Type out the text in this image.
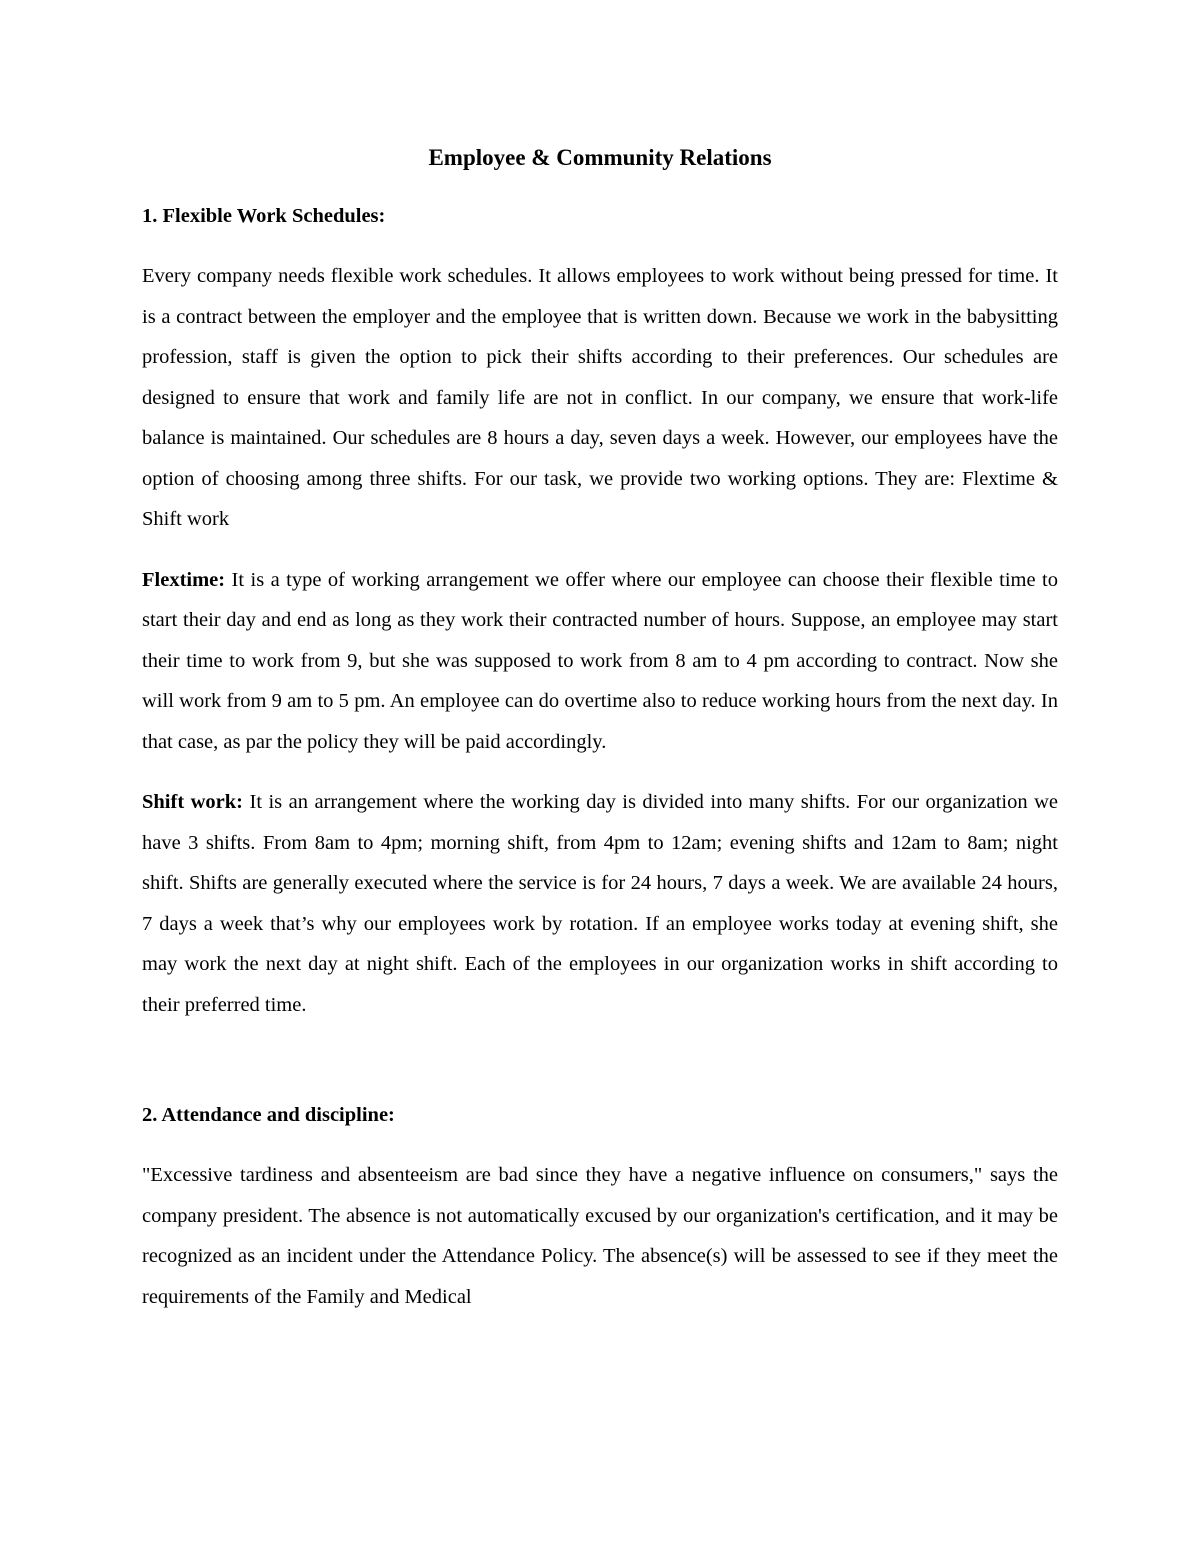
Employee & Community Relations
1. Flexible Work Schedules:

Every company needs flexible work schedules. It allows employees to work without being pressed for time. It is a contract between the employer and the employee that is written down. Because we work in the babysitting profession, staff is given the option to pick their shifts according to their preferences. Our schedules are designed to ensure that work and family life are not in conflict. In our company, we ensure that work-life balance is maintained. Our schedules are 8 hours a day, seven days a week. However, our employees have the option of choosing among three shifts. For our task, we provide two working options. They are: Flextime & Shift work

Flextime: It is a type of working arrangement we offer where our employee can choose their flexible time to start their day and end as long as they work their contracted number of hours. Suppose, an employee may start their time to work from 9, but she was supposed to work from 8 am to 4 pm according to contract. Now she will work from 9 am to 5 pm. An employee can do overtime also to reduce working hours from the next day. In that case, as par the policy they will be paid accordingly.

Shift work: It is an arrangement where the working day is divided into many shifts. For our organization we have 3 shifts. From 8am to 4pm; morning shift, from 4pm to 12am; evening shifts and 12am to 8am; night shift. Shifts are generally executed where the service is for 24 hours, 7 days a week. We are available 24 hours, 7 days a week that’s why our employees work by rotation. If an employee works today at evening shift, she may work the next day at night shift. Each of the employees in our organization works in shift according to their preferred time.

2. Attendance and discipline:

"Excessive tardiness and absenteeism are bad since they have a negative influence on consumers," says the company president. The absence is not automatically excused by our organization's certification, and it may be recognized as an incident under the Attendance Policy. The absence(s) will be assessed to see if they meet the requirements of the Family and Medical
